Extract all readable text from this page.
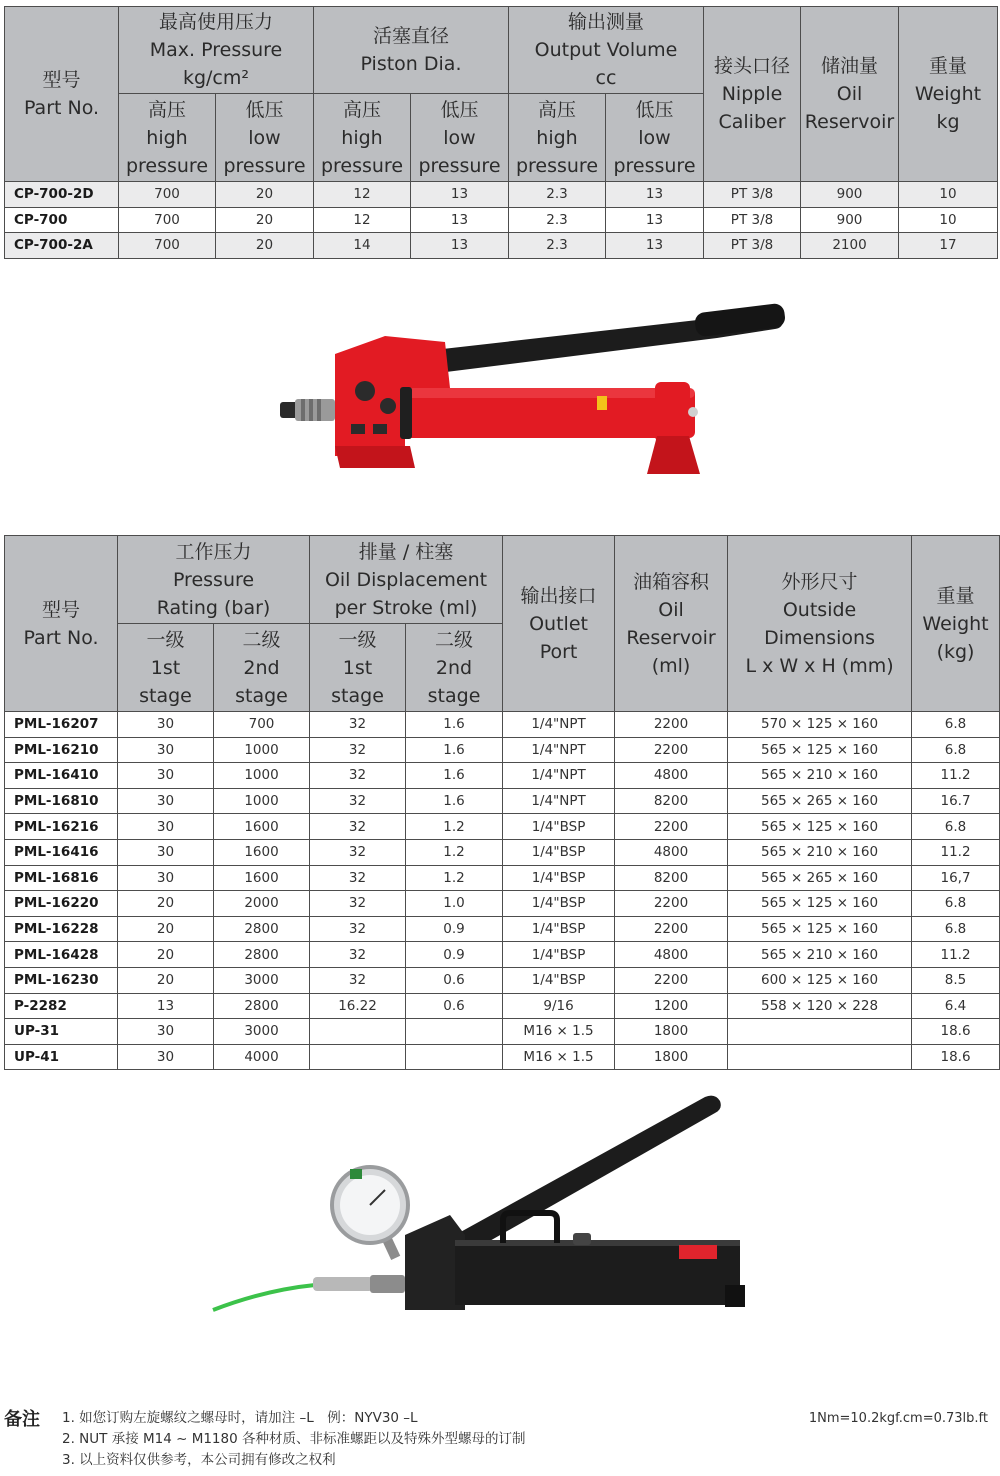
型号
Part No.	最高使用压力
Max. Pressure
kg/cm²		活塞直径
Piston Dia.		输出测量
Output Volume
cc		接头口径
Nipple
Caliber	储油量
Oil
Reservoir	重量
Weight
kg
	高压
high
pressure	低压
low
pressure	高压
high
pressure	低压
low
pressure	高压
high
pressure	低压
low
pressure			
CP-700-2D	700	20	12	13	2.3	13	PT 3/8	900	10
CP-700	700	20	12	13	2.3	13	PT 3/8	900	10
CP-700-2A	700	20	14	13	2.3	13	PT 3/8	2100	17
型号
Part No.	工作压力
Pressure
Rating (bar)		排量 / 柱塞
Oil Displacement
per Stroke (ml)		输出接口
Outlet
Port	油箱容积
Oil
Reservoir
(ml)	外形尺寸
Outside
Dimensions
L x W x H (mm)	重量
Weight
(kg)
	一级
1st
stage	二级
2nd
stage	一级
1st
stage	二级
2nd
stage				
PML-16207	30	700	32	1.6	1/4"NPT	2200	570 × 125 × 160	6.8
PML-16210	30	1000	32	1.6	1/4"NPT	2200	565 × 125 × 160	6.8
PML-16410	30	1000	32	1.6	1/4"NPT	4800	565 × 210 × 160	11.2
PML-16810	30	1000	32	1.6	1/4"NPT	8200	565 × 265 × 160	16.7
PML-16216	30	1600	32	1.2	1/4"BSP	2200	565 × 125 × 160	6.8
PML-16416	30	1600	32	1.2	1/4"BSP	4800	565 × 210 × 160	11.2
PML-16816	30	1600	32	1.2	1/4"BSP	8200	565 × 265 × 160	16,7
PML-16220	20	2000	32	1.0	1/4"BSP	2200	565 × 125 × 160	6.8
PML-16228	20	2800	32	0.9	1/4"BSP	2200	565 × 125 × 160	6.8
PML-16428	20	2800	32	0.9	1/4"BSP	4800	565 × 210 × 160	11.2
PML-16230	20	3000	32	0.6	1/4"BSP	2200	600 × 125 × 160	8.5
P-2282	13	2800	16.22	0.6	9/16	1200	558 × 120 × 228	6.4
UP-31	30	3000			M16 × 1.5	1800		18.6
UP-41	30	4000			M16 × 1.5	1800		18.6
备注 1. 如您订购左旋螺纹之螺母时，请加注 –L　例：NYV30 –L
2. NUT 承接 M14 ~ M1180 各种材质、非标准螺距以及特殊外型螺母的订制
3. 以上资料仅供参考，本公司拥有修改之权利
1Nm=10.2kgf.cm=0.73lb.ft
